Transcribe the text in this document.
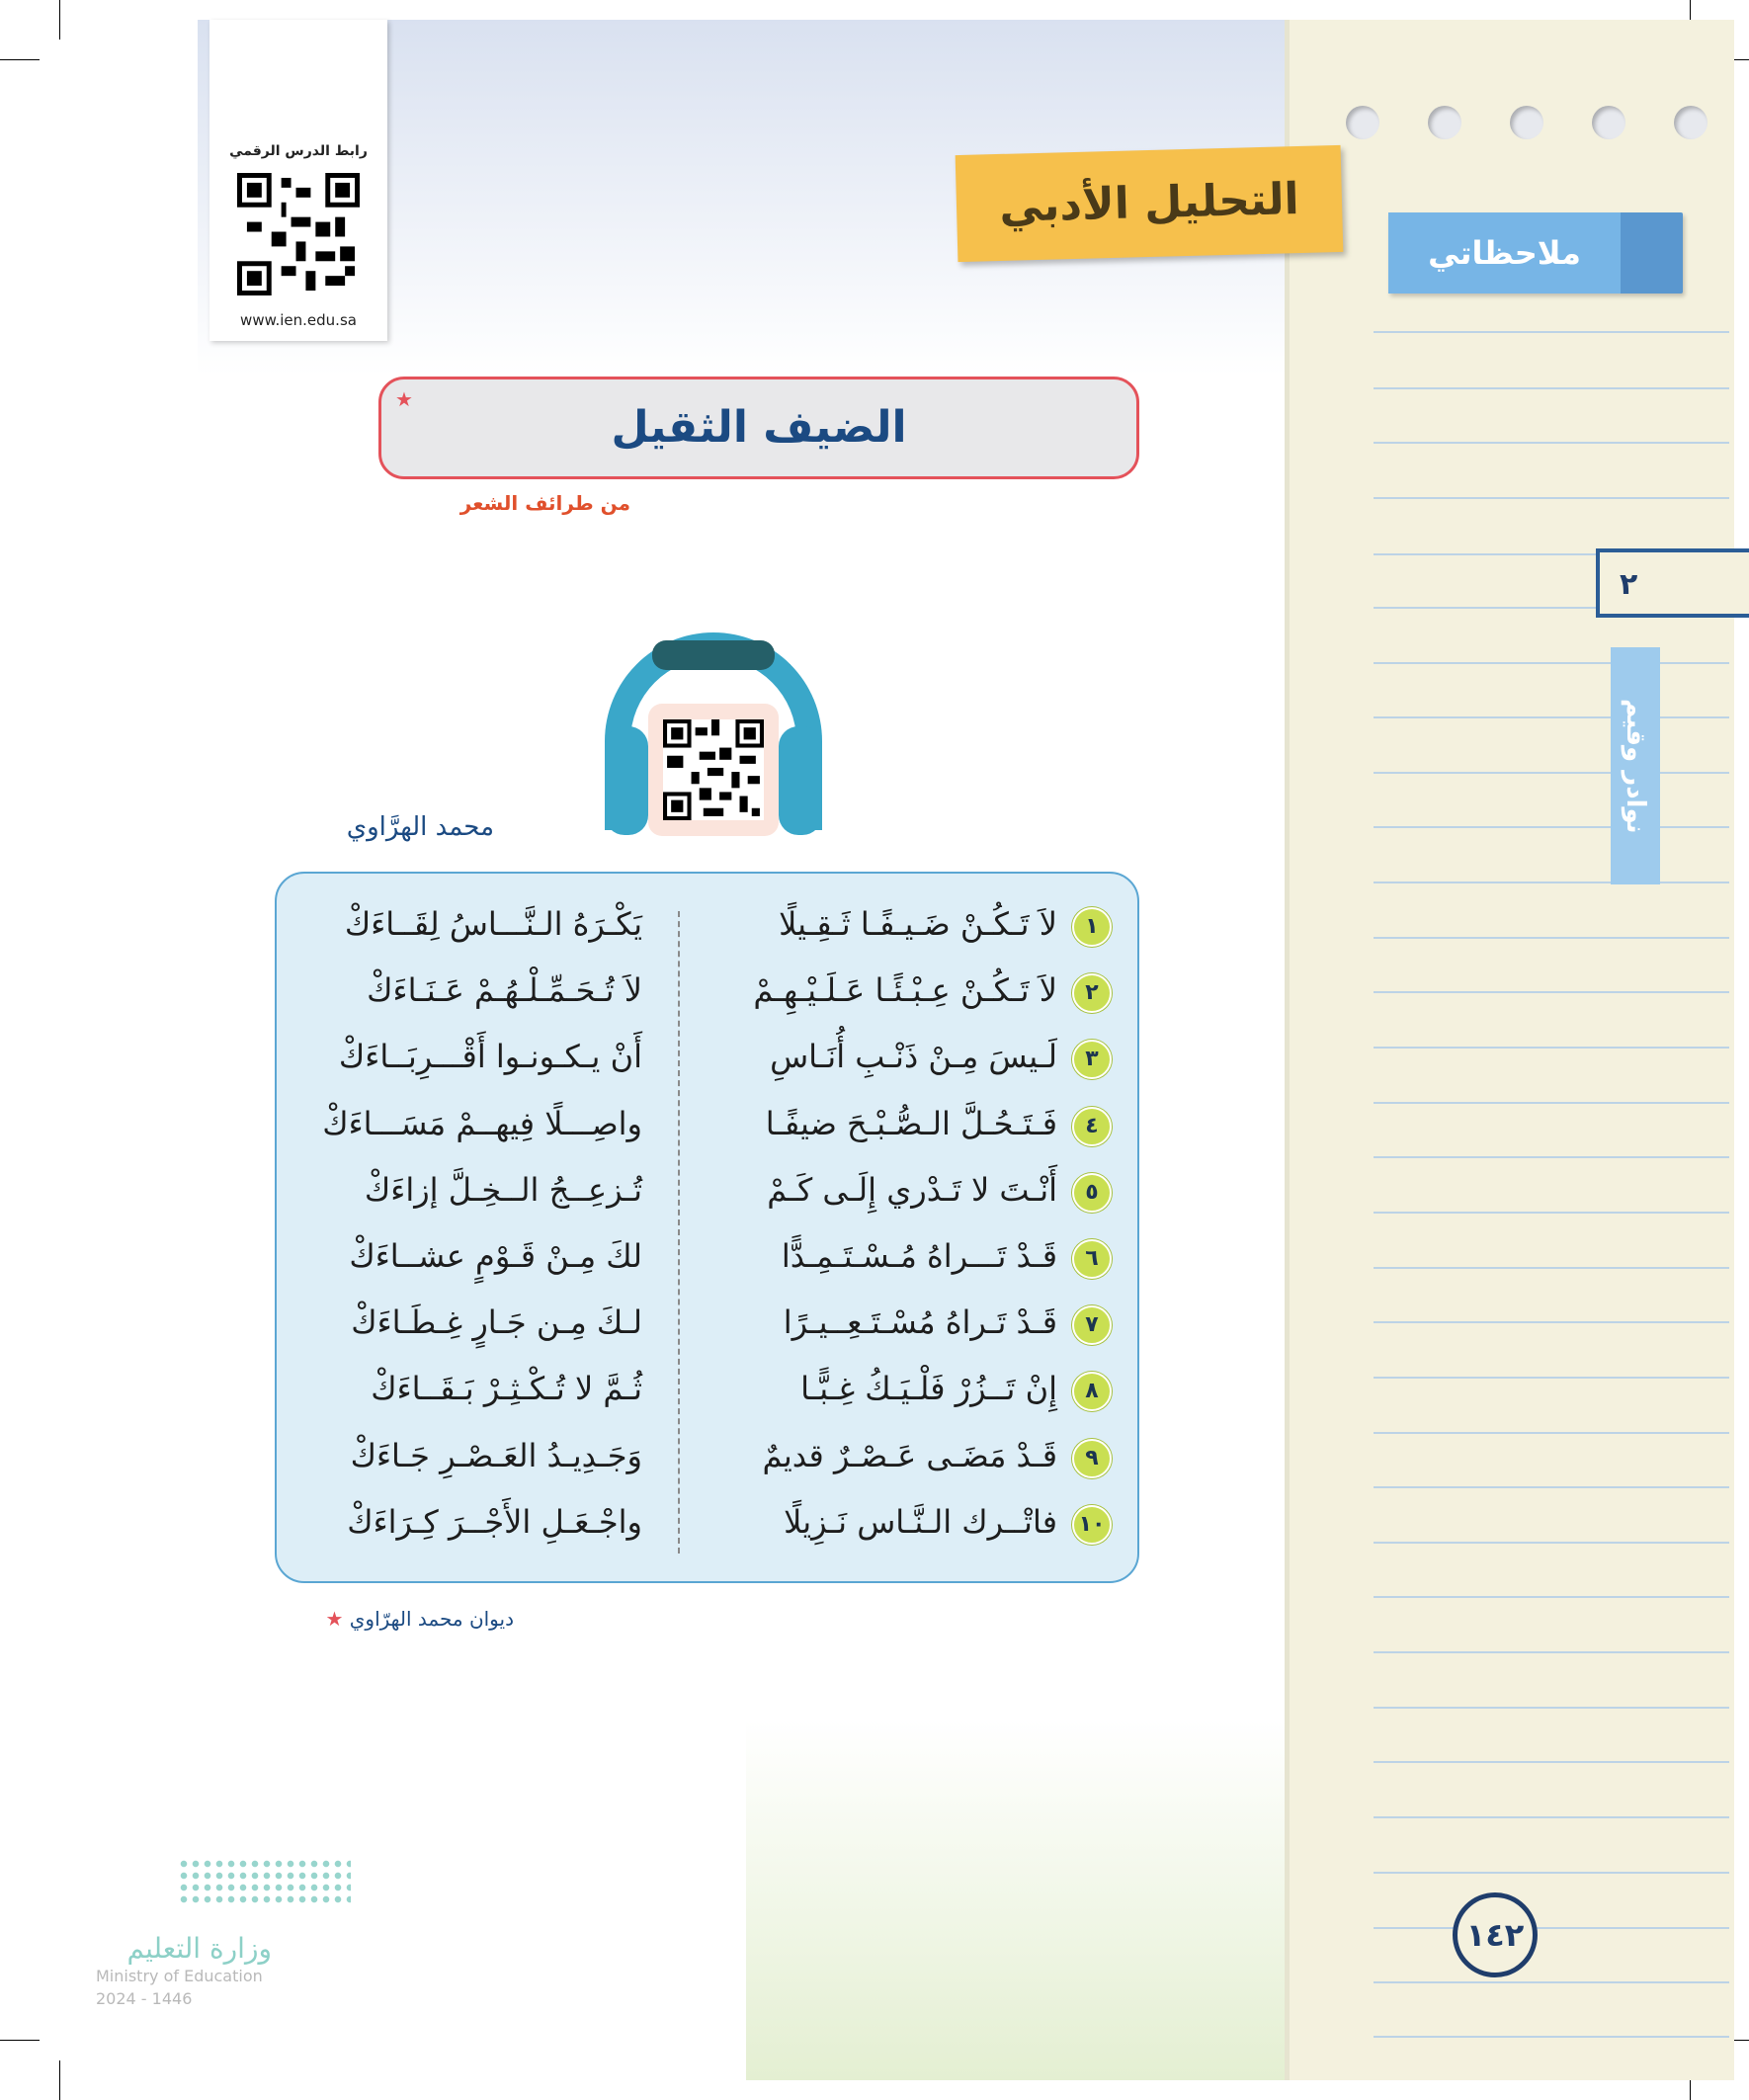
ملاحظاتي
٢
نوادر وقيم
التحليل الأدبي
رابط الدرس الرقمي
www.ien.edu.sa
الضيف الثقيل
★
من طرائف الشعر
محمد الهرَّاوي
يَكْـرَهُ الـنَّـــاسُ لِقَــاءَكْ	لاَ تَـكُـنْ ضَـيـفًـا ثَـقِـيلًا	١
لاَ تُـحَـمِّـلْـهُـمْ عَـنَـاءَكْ	لاَ تَـكُـنْ عِـبْـئًـا عَـلَـيْـهِـمْ	٢
أَنْ يـكـونـوا أَقْـــرِبَــاءَكْ	لَـيسَ مِـنْ ذَنْـبِ أُنَـاسِ	٣
واصِـــلًا فِيهــمْ مَسَـــاءَكْ	فَـتَـحُـلَّ الـصُّـبْـحَ ضيفًـا	٤
تُـزعِــجُ الــخِـلَّ إزاءَكْ	أَنْـتَ لا تَـدْري إِلَـى كَـمْ	٥
لكَ مِـنْ قَـوْمٍ عشــاءَكْ	قَـدْ تَـــراهُ مُـسْـتَـمِـدًّا	٦
لـكَ مِـن جَـارٍ غِـطَـاءَكْ	قَـدْ تَـراهُ مُسْـتَـعِــيـرًا	٧
ثُـمَّ لا تُـكْـثِـرْ بَـقَــاءَكْ	إِنْ تَــزُرْ فَلْـيَـكُ غِـبًّـا	٨
وَجَـدِيـدُ العَـصْـرِ جَـاءَكْ	قَـدْ مَضَـى عَـصْـرٌ قديمٌ	٩
واجْـعَـلِ الأَجْــرَ كِـرَاءَكْ	فاتْــرك الـنَّـاس نَـزِيلًا ١٠
★ ديوان محمد الهرّاوي
١٤٢
وزارة التعليم
Ministry of Education
2024 - 1446
